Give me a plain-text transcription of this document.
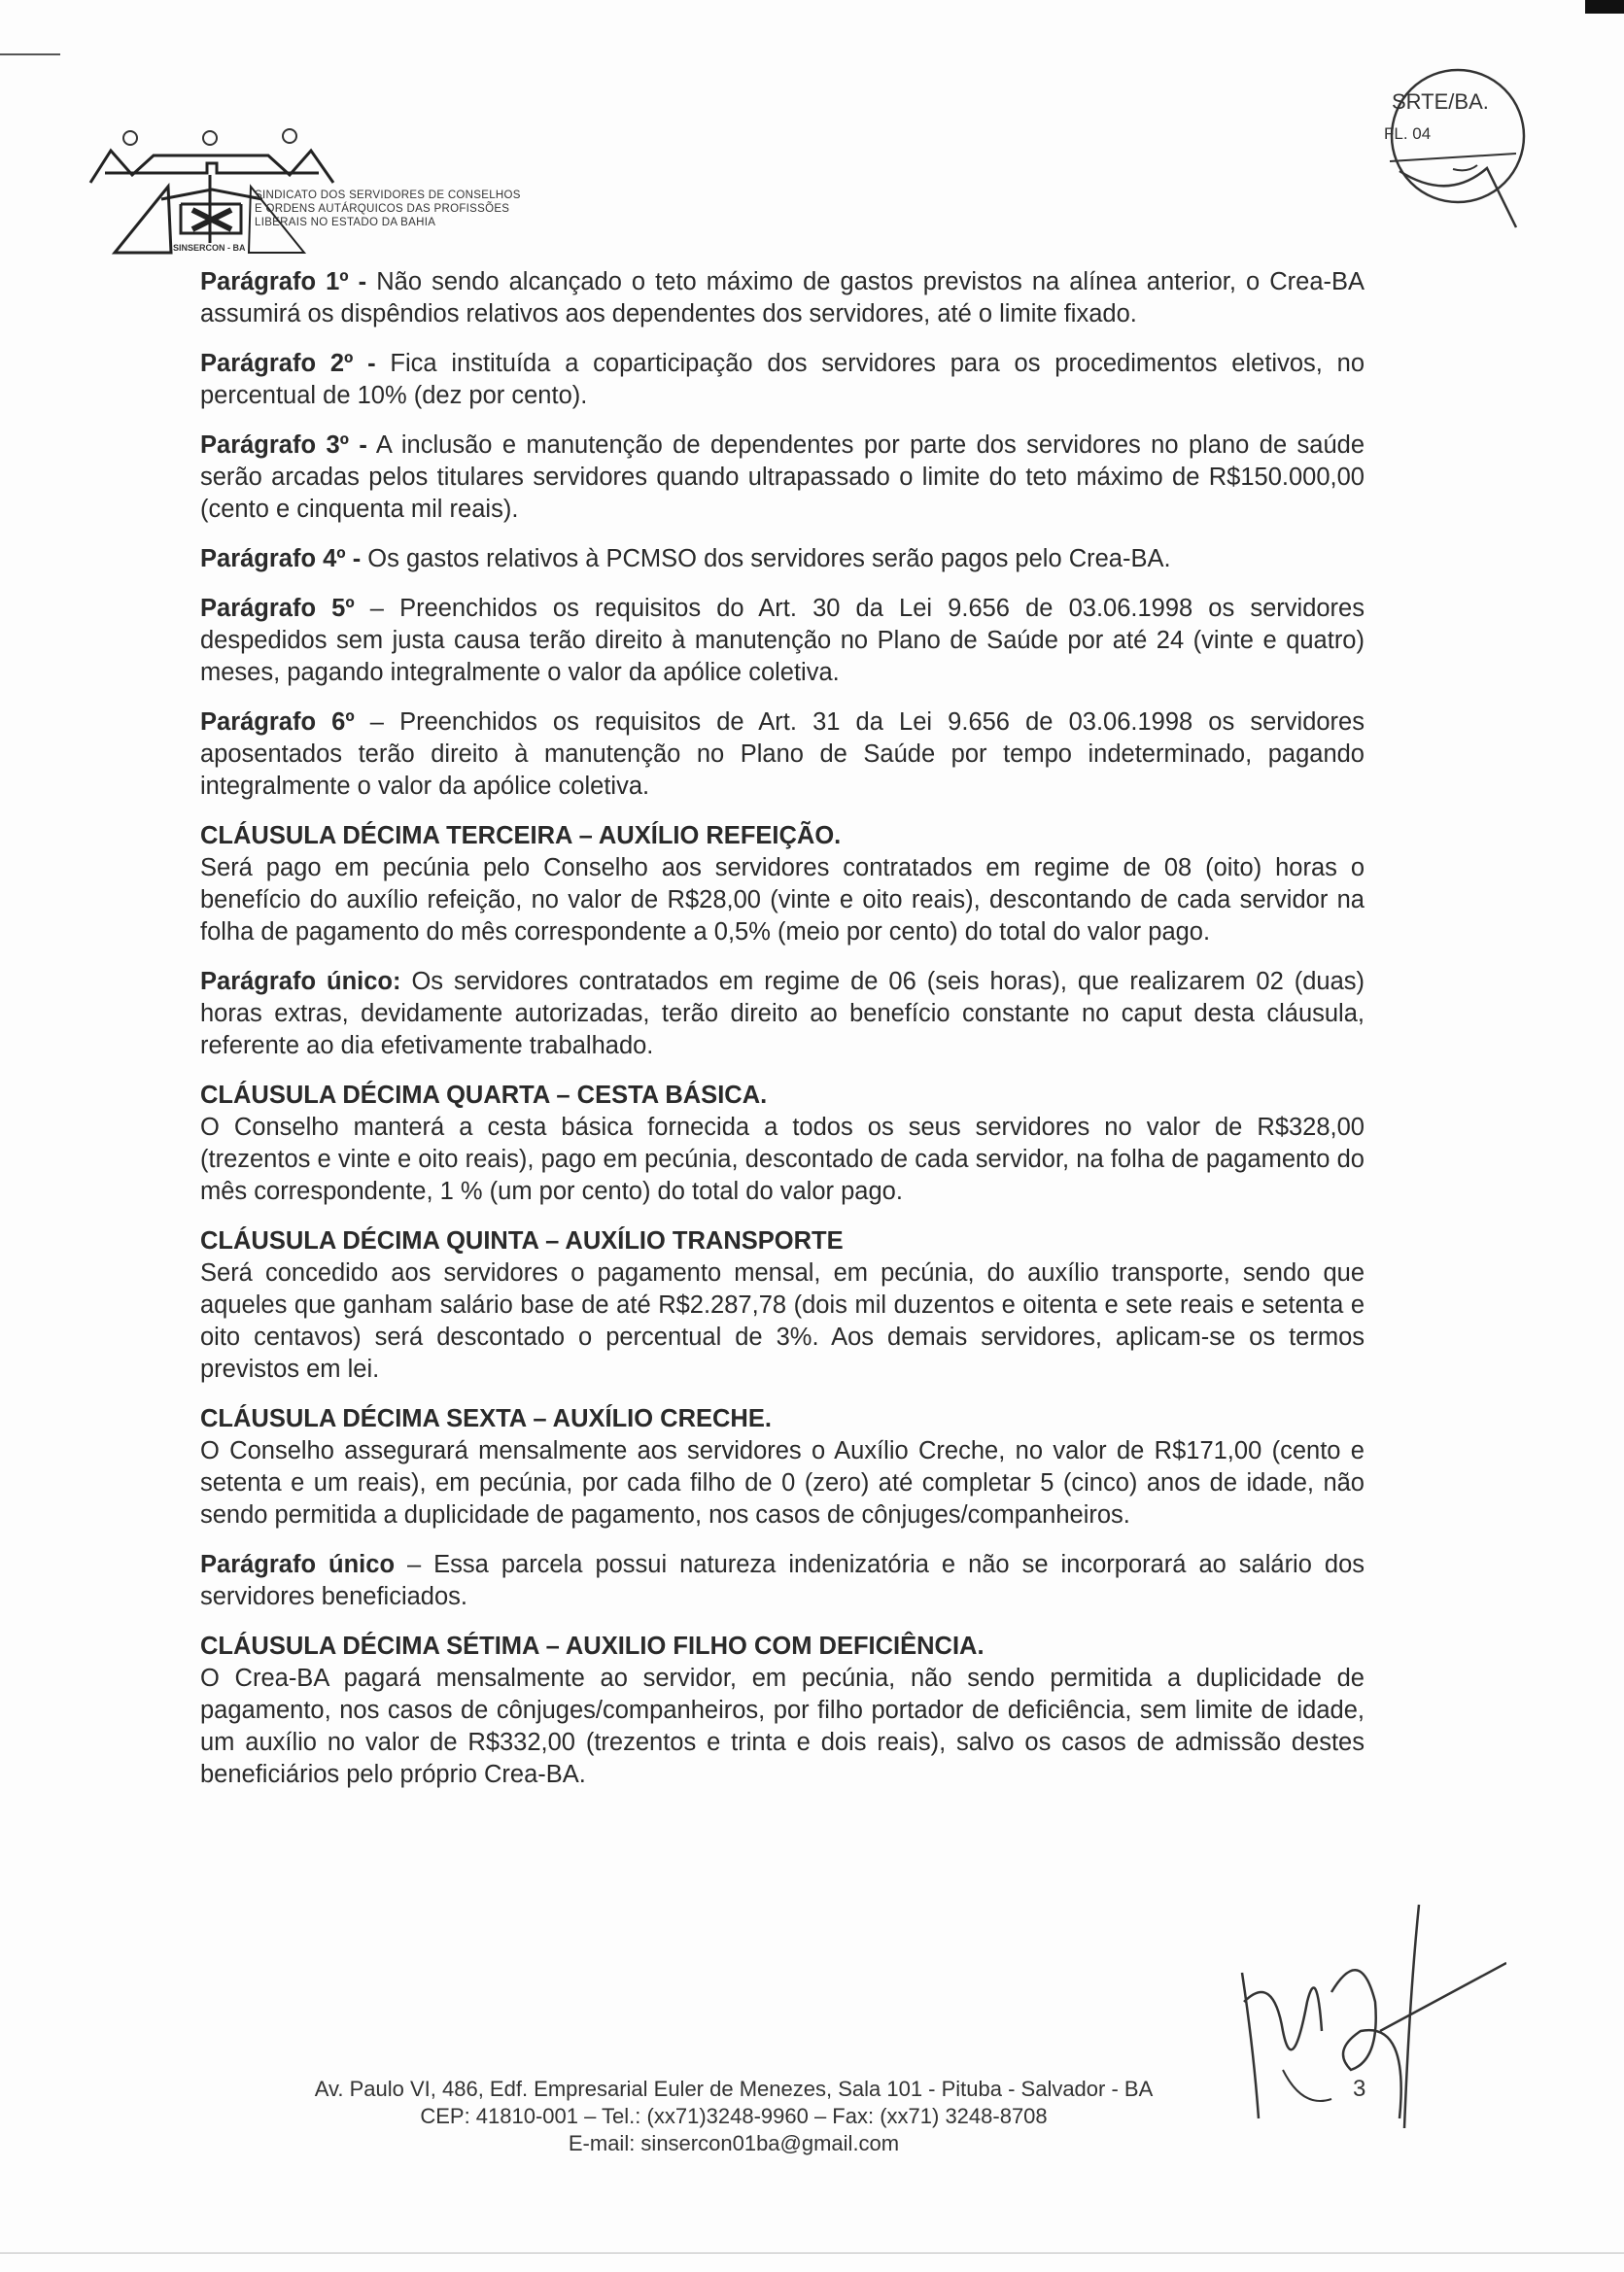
SINDICATO DOS SERVIDORES DE CONSELHOS
E ORDENS AUTÁRQUICOS DAS PROFISSÕES
LIBERAIS NO ESTADO DA BAHIA
SINSERCON - BA
SRTE/BA.
FL. 04

Parágrafo 1º - Não sendo alcançado o teto máximo de gastos previstos na alínea anterior, o Crea-BA assumirá os dispêndios relativos aos dependentes dos servidores, até o limite fixado.

Parágrafo 2º - Fica instituída a coparticipação dos servidores para os procedimentos eletivos, no percentual de 10% (dez por cento).

Parágrafo 3º - A inclusão e manutenção de dependentes por parte dos servidores no plano de saúde serão arcadas pelos titulares servidores quando ultrapassado o limite do teto máximo de R$150.000,00 (cento e cinquenta mil reais).

Parágrafo 4º - Os gastos relativos à PCMSO dos servidores serão pagos pelo Crea-BA.

Parágrafo 5º – Preenchidos os requisitos do Art. 30 da Lei 9.656 de 03.06.1998 os servidores despedidos sem justa causa terão direito à manutenção no Plano de Saúde por até 24 (vinte e quatro) meses, pagando integralmente o valor da apólice coletiva.

Parágrafo 6º – Preenchidos os requisitos de Art. 31 da Lei 9.656 de 03.06.1998 os servidores aposentados terão direito à manutenção no Plano de Saúde por tempo indeterminado, pagando integralmente o valor da apólice coletiva.

CLÁUSULA DÉCIMA TERCEIRA – AUXÍLIO REFEIÇÃO.

Será pago em pecúnia pelo Conselho aos servidores contratados em regime de 08 (oito) horas o benefício do auxílio refeição, no valor de R$28,00 (vinte e oito reais), descontando de cada servidor na folha de pagamento do mês correspondente a 0,5% (meio por cento) do total do valor pago.

Parágrafo único: Os servidores contratados em regime de 06 (seis horas), que realizarem 02 (duas) horas extras, devidamente autorizadas, terão direito ao benefício constante no caput desta cláusula, referente ao dia efetivamente trabalhado.

CLÁUSULA DÉCIMA QUARTA – CESTA BÁSICA.

O Conselho manterá a cesta básica fornecida a todos os seus servidores no valor de R$328,00 (trezentos e vinte e oito reais), pago em pecúnia, descontado de cada servidor, na folha de pagamento do mês correspondente, 1 % (um por cento) do total do valor pago.

CLÁUSULA DÉCIMA QUINTA – AUXÍLIO TRANSPORTE

Será concedido aos servidores o pagamento mensal, em pecúnia, do auxílio transporte, sendo que aqueles que ganham salário base de até R$2.287,78 (dois mil duzentos e oitenta e sete reais e setenta e oito centavos) será descontado o percentual de 3%. Aos demais servidores, aplicam-se os termos previstos em lei.

CLÁUSULA DÉCIMA SEXTA – AUXÍLIO CRECHE.

O Conselho assegurará mensalmente aos servidores o Auxílio Creche, no valor de R$171,00 (cento e setenta e um reais), em pecúnia, por cada filho de 0 (zero) até completar 5 (cinco) anos de idade, não sendo permitida a duplicidade de pagamento, nos casos de cônjuges/companheiros.

Parágrafo único – Essa parcela possui natureza indenizatória e não se incorporará ao salário dos servidores beneficiados.

CLÁUSULA DÉCIMA SÉTIMA – AUXILIO FILHO COM DEFICIÊNCIA.

O Crea-BA pagará mensalmente ao servidor, em pecúnia, não sendo permitida a duplicidade de pagamento, nos casos de cônjuges/companheiros, por filho portador de deficiência, sem limite de idade, um auxílio no valor de R$332,00 (trezentos e trinta e dois reais), salvo os casos de admissão destes beneficiários pelo próprio Crea-BA.

Av. Paulo VI, 486, Edf. Empresarial Euler de Menezes, Sala 101 - Pituba - Salvador - BA
CEP: 41810-001 – Tel.: (xx71)3248-9960 – Fax: (xx71) 3248-8708
E-mail: sinsercon01ba@gmail.com
3
